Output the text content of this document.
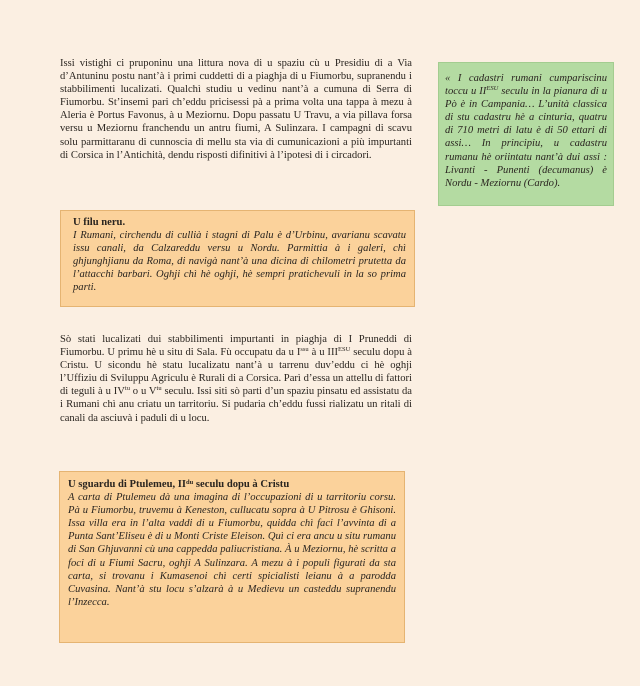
Issi vistighi ci pruponinu una littura nova di u spaziu cù u Presidiu di a Via d’Antuninu postu nant’à i primi cuddetti di a piaghja di u Fiumorbu, supranendu i stabbilimenti lucalizati. Qualchì studiu u vedinu nant’à a cumuna di Serra di Fiumorbu. St’insemi pari ch’eddu pricisessi pà a prima volta una tappa à mezu à Aleria è Portus Favonus, à u Meziornu. Dopu passatu U Travu, a via pillava forsa versu u Meziornu franchendu un antru fiumi, A Sulinzara. I campagni di scavu solu parmittaranu di cunnoscia di mellu sta via di cumunicazioni a più impurtanti di Corsica in l’Antichità, dendu risposti difinitivi à l’ipotesi di i circadori.

« I cadastri rumani cumpariscinu toccu u $II^{ESU}$ seculu in la pianura di u Pò è in Campania… L’unità classica di stu cadastru hè a cinturia, quatru di 710 metri di latu è di 50 ettari di assi… In principiu, u cadastru rumanu hè oriintatu nant’à dui assi : Livanti - Punenti (decumanus) è Nordu - Meziornu (Cardo).
U filu neru.
I Rumani, circhendu di cullià i stagni di Palu è d’Urbinu, avarianu scavatu issu canali, da Calzareddu versu u Nordu. Parmittia à i galeri, chì ghjunghjianu da Roma, di navigà nant’à una dicina di chilometri prutetta da l’attacchi barbari. Oghji chì hè oghji, hè sempri pratichevuli in la so prima parti.

Sò stati lucalizati dui stabbilimenti impurtanti in piaghja di I Pruneddi di Fiumorbu. U primu hè u situ di Sala. Fù occupatu da u $I^{ssu}$ à u $III^{ESU}$ seculu dopu à Cristu. U sicondu hè statu lucalizatu nant’à u tarrenu duv’eddu ci hè oghji l’Uffiziu di Sviluppu Agriculu è Rurali di a Corsica. Parì d’essa un attellu di fattori di teguli à u $IV^{tu}$ o u $V^{tu}$ seculu. Issi siti sò parti d’un spaziu pinsatu ed assistatu da i Rumani chì anu criatu un tarritoriu. Si pudaria ch’eddu fussi rializatu un ritali di canali da asciuvà i paduli di u locu.

U sguardu di Ptulemeu, $II^{du}$ seculu dopu à Cristu
A carta di Ptulemeu dà una imagina di l’occupazioni di u tarritoriu corsu. Pà u Fiumorbu, truvemu à Keneston, cullucatu sopra à U Pitrosu è Ghisoni. Issa villa era in l’alta vaddi di u Fiumorbu, quidda chì faci l’avvinta di a Punta Sant’Eliseu è di u Monti Criste Eleison. Quì ci era ancu u situ rumanu di San Ghjuvanni cù una cappedda paliucristiana. À u Meziornu, hè scritta a foci di u Fiumi Sacru, oghji A Sulinzara. A mezu à i populi figurati da sta carta, si trovanu i Kumasenoi chì certi spicialisti leianu à a parodda Cuvasina. Nant’à stu locu s’alzarà à u Medievu un casteddu supranendu l’Inzecca.
